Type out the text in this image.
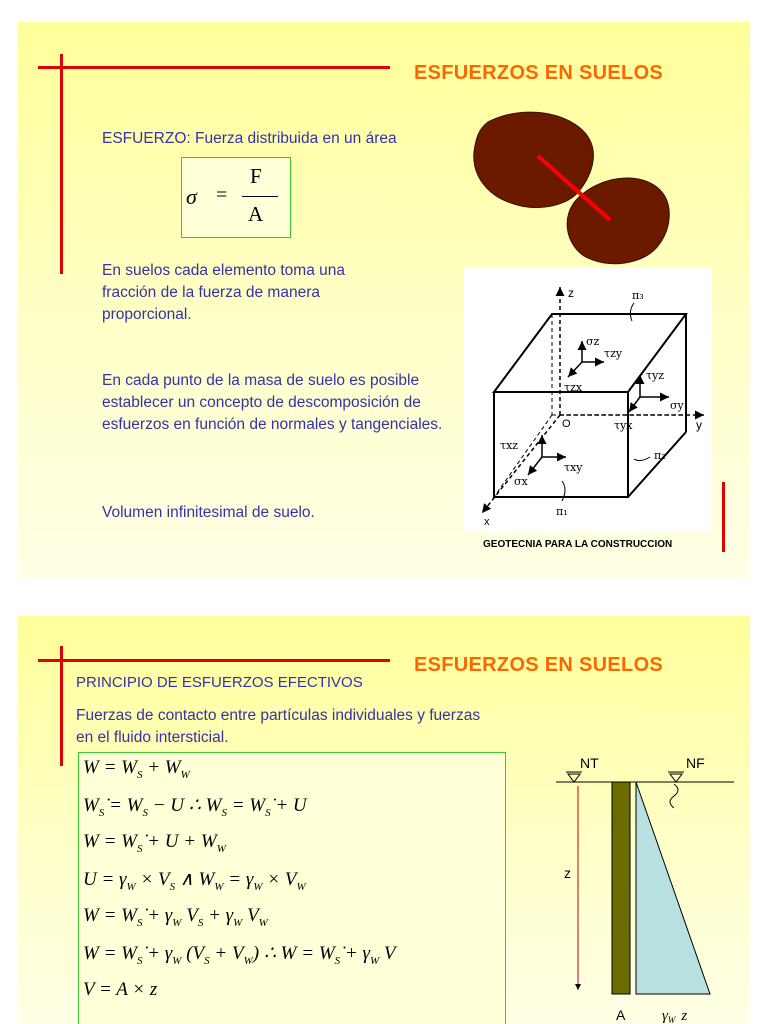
ESFUERZOS EN SUELOS
ESFUERZO: Fuerza distribuida en un área
σ =
F
A
En suelos cada elemento toma una fracción de la fuerza de manera proporcional.
En cada punto de la masa de suelo es posible establecer un concepto de descomposición de esfuerzos en función de normales y tangenciales.
Volumen infinitesimal de suelo.
z
y
x
O
π₃
π₂
π₁
σz
τzy
τzx
τyz
σy
τxz
τyx
τxy
σx
GEOTECNIA PARA LA CONSTRUCCION
ESFUERZOS EN SUELOS
PRINCIPIO DE ESFUERZOS EFECTIVOS
Fuerzas de contacto entre partículas individuales y fuerzas en el fluido intersticial.
$W = W_S + W_W$
$W_Ṡ = W_S - U$ ∴ $W_S$ = $W_Ṡ + U$
$W = W_Ṡ + U + W_W$
$U = \gamma_W \times V_S$ ∧ $W_W = \gamma_W \times V_W$
$W = W_Ṡ + \gamma_W$ $V_S + \gamma_W$ $V_W$
$W = W_Ṡ + \gamma_W$ $(V_S + V_W)$ ∴ $W = W_Ṡ + \gamma_W$ V
V = A × z
NT	NF
z
A γW z
